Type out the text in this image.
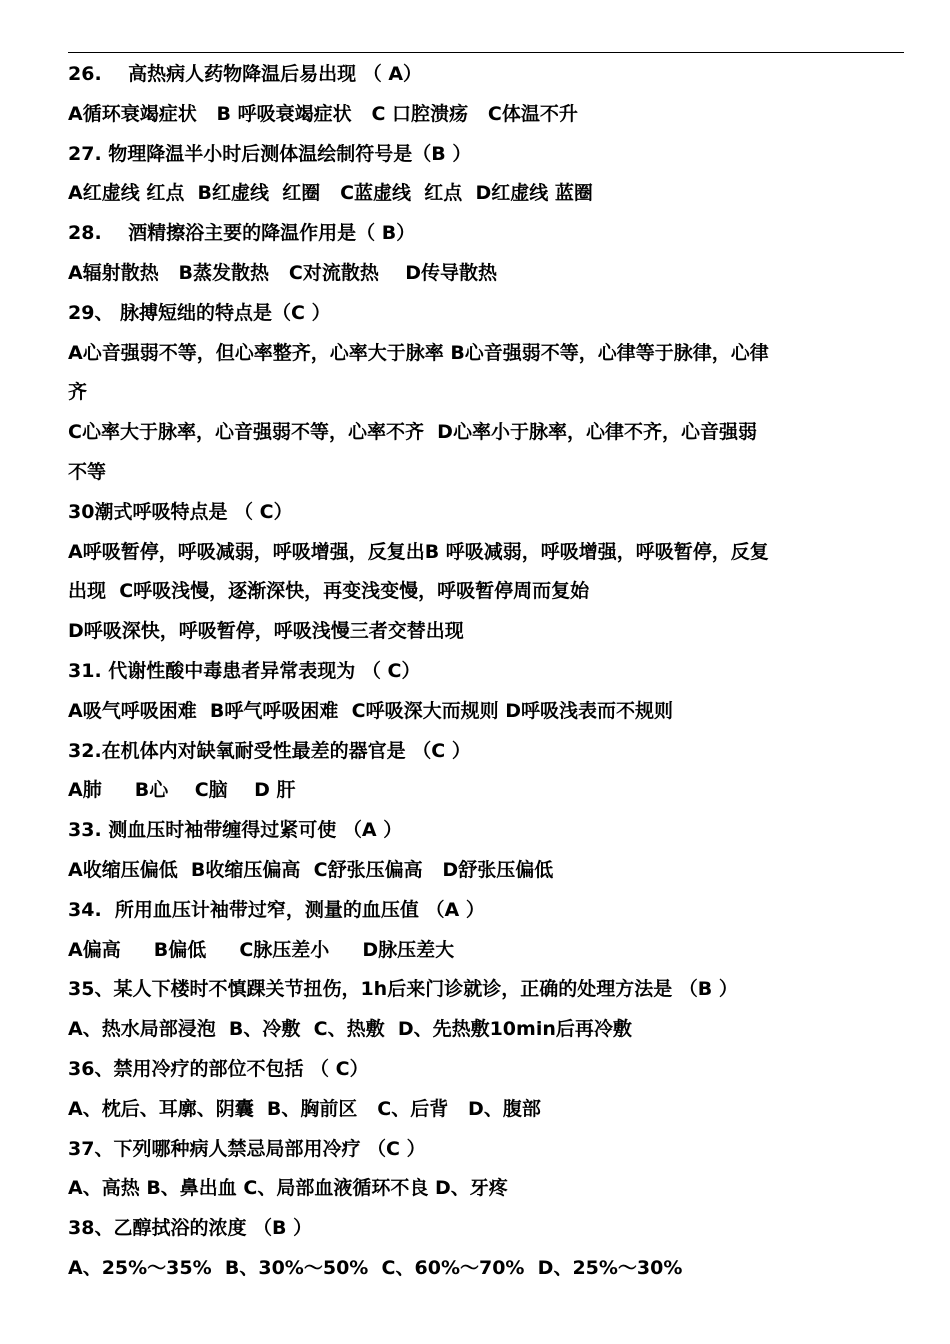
26.    高热病人药物降温后易出现 （ A）
A循环衰竭症状   B 呼吸衰竭症状   C 口腔溃疡   C体温不升
27. 物理降温半小时后测体温绘制符号是（B ）
A红虚线 红点  B红虚线  红圈   C蓝虚线  红点  D红虚线 蓝圈
28.    酒精擦浴主要的降温作用是（ B）
A辐射散热   B蒸发散热   C对流散热    D传导散热
29、 脉搏短绌的特点是（C ）
A心音强弱不等，但心率整齐，心率大于脉率 B心音强弱不等，心律等于脉律，心律
齐
C心率大于脉率，心音强弱不等，心率不齐  D心率小于脉率，心律不齐，心音强弱
不等
30潮式呼吸特点是 （ C）
A呼吸暂停，呼吸减弱，呼吸增强，反复出B 呼吸减弱，呼吸增强，呼吸暂停，反复
出现  C呼吸浅慢，逐渐深快，再变浅变慢，呼吸暂停周而复始
D呼吸深快，呼吸暂停，呼吸浅慢三者交替出现
31. 代谢性酸中毒患者异常表现为 （ C）
A吸气呼吸困难  B呼气呼吸困难  C呼吸深大而规则 D呼吸浅表而不规则
32.在机体内对缺氧耐受性最差的器官是 （C ）
A肺     B心    C脑    D 肝
33. 测血压时袖带缠得过紧可使 （A ）
A收缩压偏低  B收缩压偏高  C舒张压偏高   D舒张压偏低
34.  所用血压计袖带过窄，测量的血压值 （A ）
A偏高     B偏低     C脉压差小     D脉压差大
35、某人下楼时不慎踝关节扭伤，1h后来门诊就诊，正确的处理方法是 （B ）
A、热水局部浸泡  B、冷敷  C、热敷  D、先热敷10min后再冷敷
36、禁用冷疗的部位不包括 （ C）
A、枕后、耳廓、阴囊  B、胸前区   C、后背   D、腹部
37、下列哪种病人禁忌局部用冷疗 （C ）
A、高热 B、鼻出血 C、局部血液循环不良 D、牙疼
38、乙醇拭浴的浓度 （B ）
A、25%～35%  B、30%～50%  C、60%～70%  D、25%～30%
